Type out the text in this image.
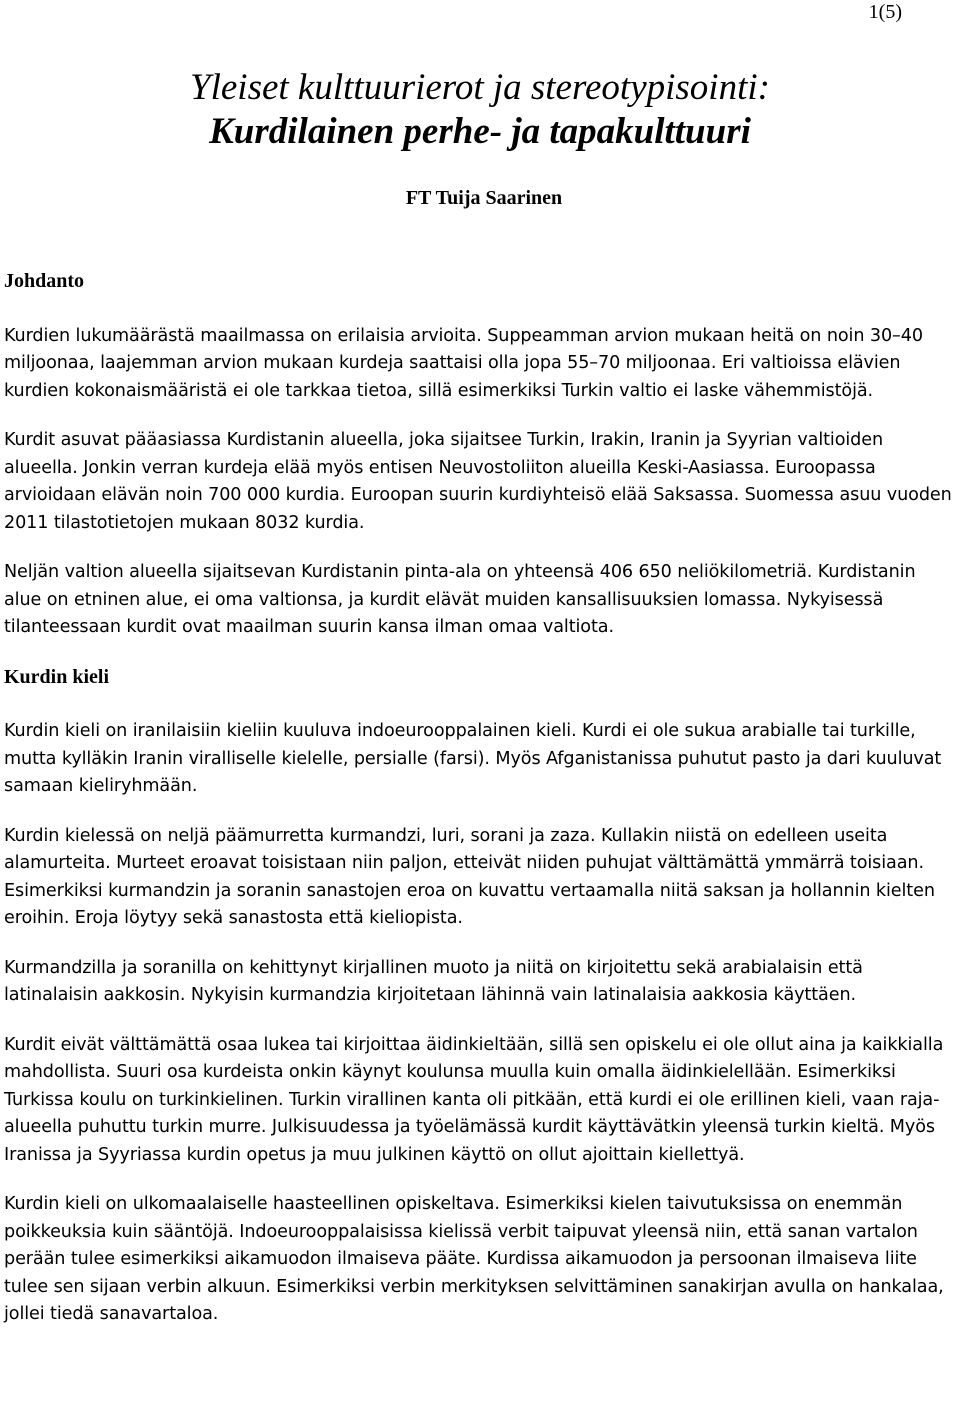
1(5)
Yleiset kulttuurierot ja stereotypisointi:
Kurdilainen perhe- ja tapakulttuuri
FT Tuija Saarinen
Johdanto

Kurdien lukumäärästä maailmassa on erilaisia arvioita. Suppeamman arvion mukaan heitä on noin 30–40 miljoonaa, laajemman arvion mukaan kurdeja saattaisi olla jopa 55–70 miljoonaa. Eri valtioissa elävien kurdien kokonaismääristä ei ole tarkkaa tietoa, sillä esimerkiksi Turkin valtio ei laske vähemmistöjä.

Kurdit asuvat pääasiassa Kurdistanin alueella, joka sijaitsee Turkin, Irakin, Iranin ja Syyrian valtioiden alueella. Jonkin verran kurdeja elää myös entisen Neuvostoliiton alueilla Keski-Aasiassa. Euroopassa arvioidaan elävän noin 700 000 kurdia. Euroopan suurin kurdiyhteisö elää Saksassa. Suomessa asuu vuoden 2011 tilastotietojen mukaan 8032 kurdia.

Neljän valtion alueella sijaitsevan Kurdistanin pinta-ala on yhteensä 406 650 neliökilometriä. Kurdistanin alue on etninen alue, ei oma valtionsa, ja kurdit elävät muiden kansallisuuksien lomassa. Nykyisessä tilanteessaan kurdit ovat maailman suurin kansa ilman omaa valtiota.

Kurdin kieli

Kurdin kieli on iranilaisiin kieliin kuuluva indoeurooppalainen kieli. Kurdi ei ole sukua arabialle tai turkille, mutta kylläkin Iranin viralliselle kielelle, persialle (farsi). Myös Afganistanissa puhutut pasto ja dari kuuluvat samaan kieliryhmään.

Kurdin kielessä on neljä päämurretta kurmandzi, luri, sorani ja zaza. Kullakin niistä on edelleen useita alamurteita. Murteet eroavat toisistaan niin paljon, etteivät niiden puhujat välttämättä ymmärrä toisiaan. Esimerkiksi kurmandzin ja soranin sanastojen eroa on kuvattu vertaamalla niitä saksan ja hollannin kielten eroihin. Eroja löytyy sekä sanastosta että kieliopista.

Kurmandzilla ja soranilla on kehittynyt kirjallinen muoto ja niitä on kirjoitettu sekä arabialaisin että latinalaisin aakkosin. Nykyisin kurmandzia kirjoitetaan lähinnä vain latinalaisia aakkosia käyttäen.

Kurdit eivät välttämättä osaa lukea tai kirjoittaa äidinkieltään, sillä sen opiskelu ei ole ollut aina ja kaikkialla mahdollista. Suuri osa kurdeista onkin käynyt koulunsa muulla kuin omalla äidinkielellään. Esimerkiksi Turkissa koulu on turkinkielinen. Turkin virallinen kanta oli pitkään, että kurdi ei ole erillinen kieli, vaan raja-alueella puhuttu turkin murre. Julkisuudessa ja työelämässä kurdit käyttävätkin yleensä turkin kieltä. Myös Iranissa ja Syyriassa kurdin opetus ja muu julkinen käyttö on ollut ajoittain kiellettyä.

Kurdin kieli on ulkomaalaiselle haasteellinen opiskeltava. Esimerkiksi kielen taivutuksissa on enemmän poikkeuksia kuin sääntöjä. Indoeurooppalaisissa kielissä verbit taipuvat yleensä niin, että sanan vartalon perään tulee esimerkiksi aikamuodon ilmaiseva pääte. Kurdissa aikamuodon ja persoonan ilmaiseva liite tulee sen sijaan verbin alkuun. Esimerkiksi verbin merkityksen selvittäminen sanakirjan avulla on hankalaa, jollei tiedä sanavartaloa.
